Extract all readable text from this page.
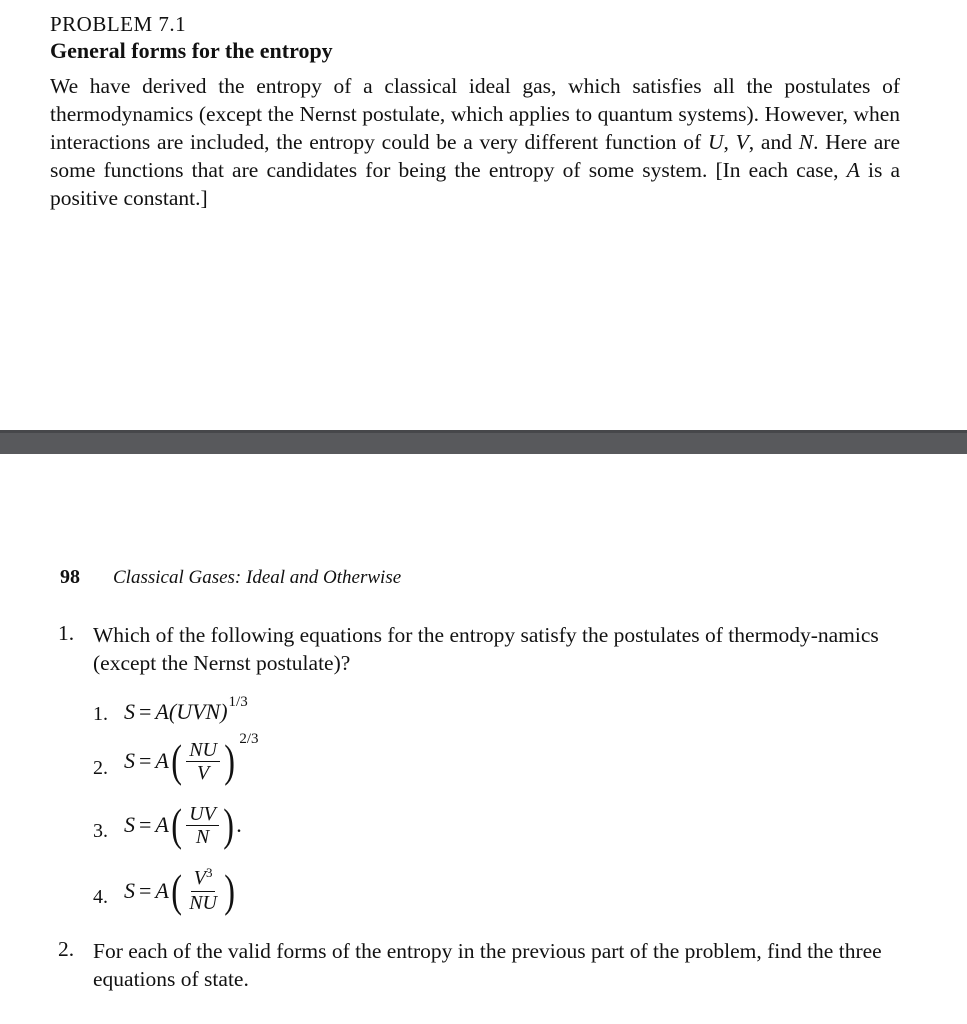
PROBLEM 7.1
General forms for the entropy

We have derived the entropy of a classical ideal gas, which satisfies all the postulates of thermodynamics (except the Nernst postulate, which applies to quantum systems). However, when interactions are included, the entropy could be a very different function of U, V, and N. Here are some functions that are candidates for being the entropy of some system. [In each case, A is a positive constant.]

98 Classical Gases: Ideal and Otherwise
1. Which of the following equations for the entropy satisfy the postulates of thermody-namics (except the Nernst postulate)?

1. S = A (UVN) 1/3
2. S = A ( $\frac{NU}{V}$ ) 2/3
3. S = A ( $\frac{UV}{N}$ ) .
4. S = A ( $\frac{V^3}{NU}$ )
2. For each of the valid forms of the entropy in the previous part of the problem, find the three equations of state.
